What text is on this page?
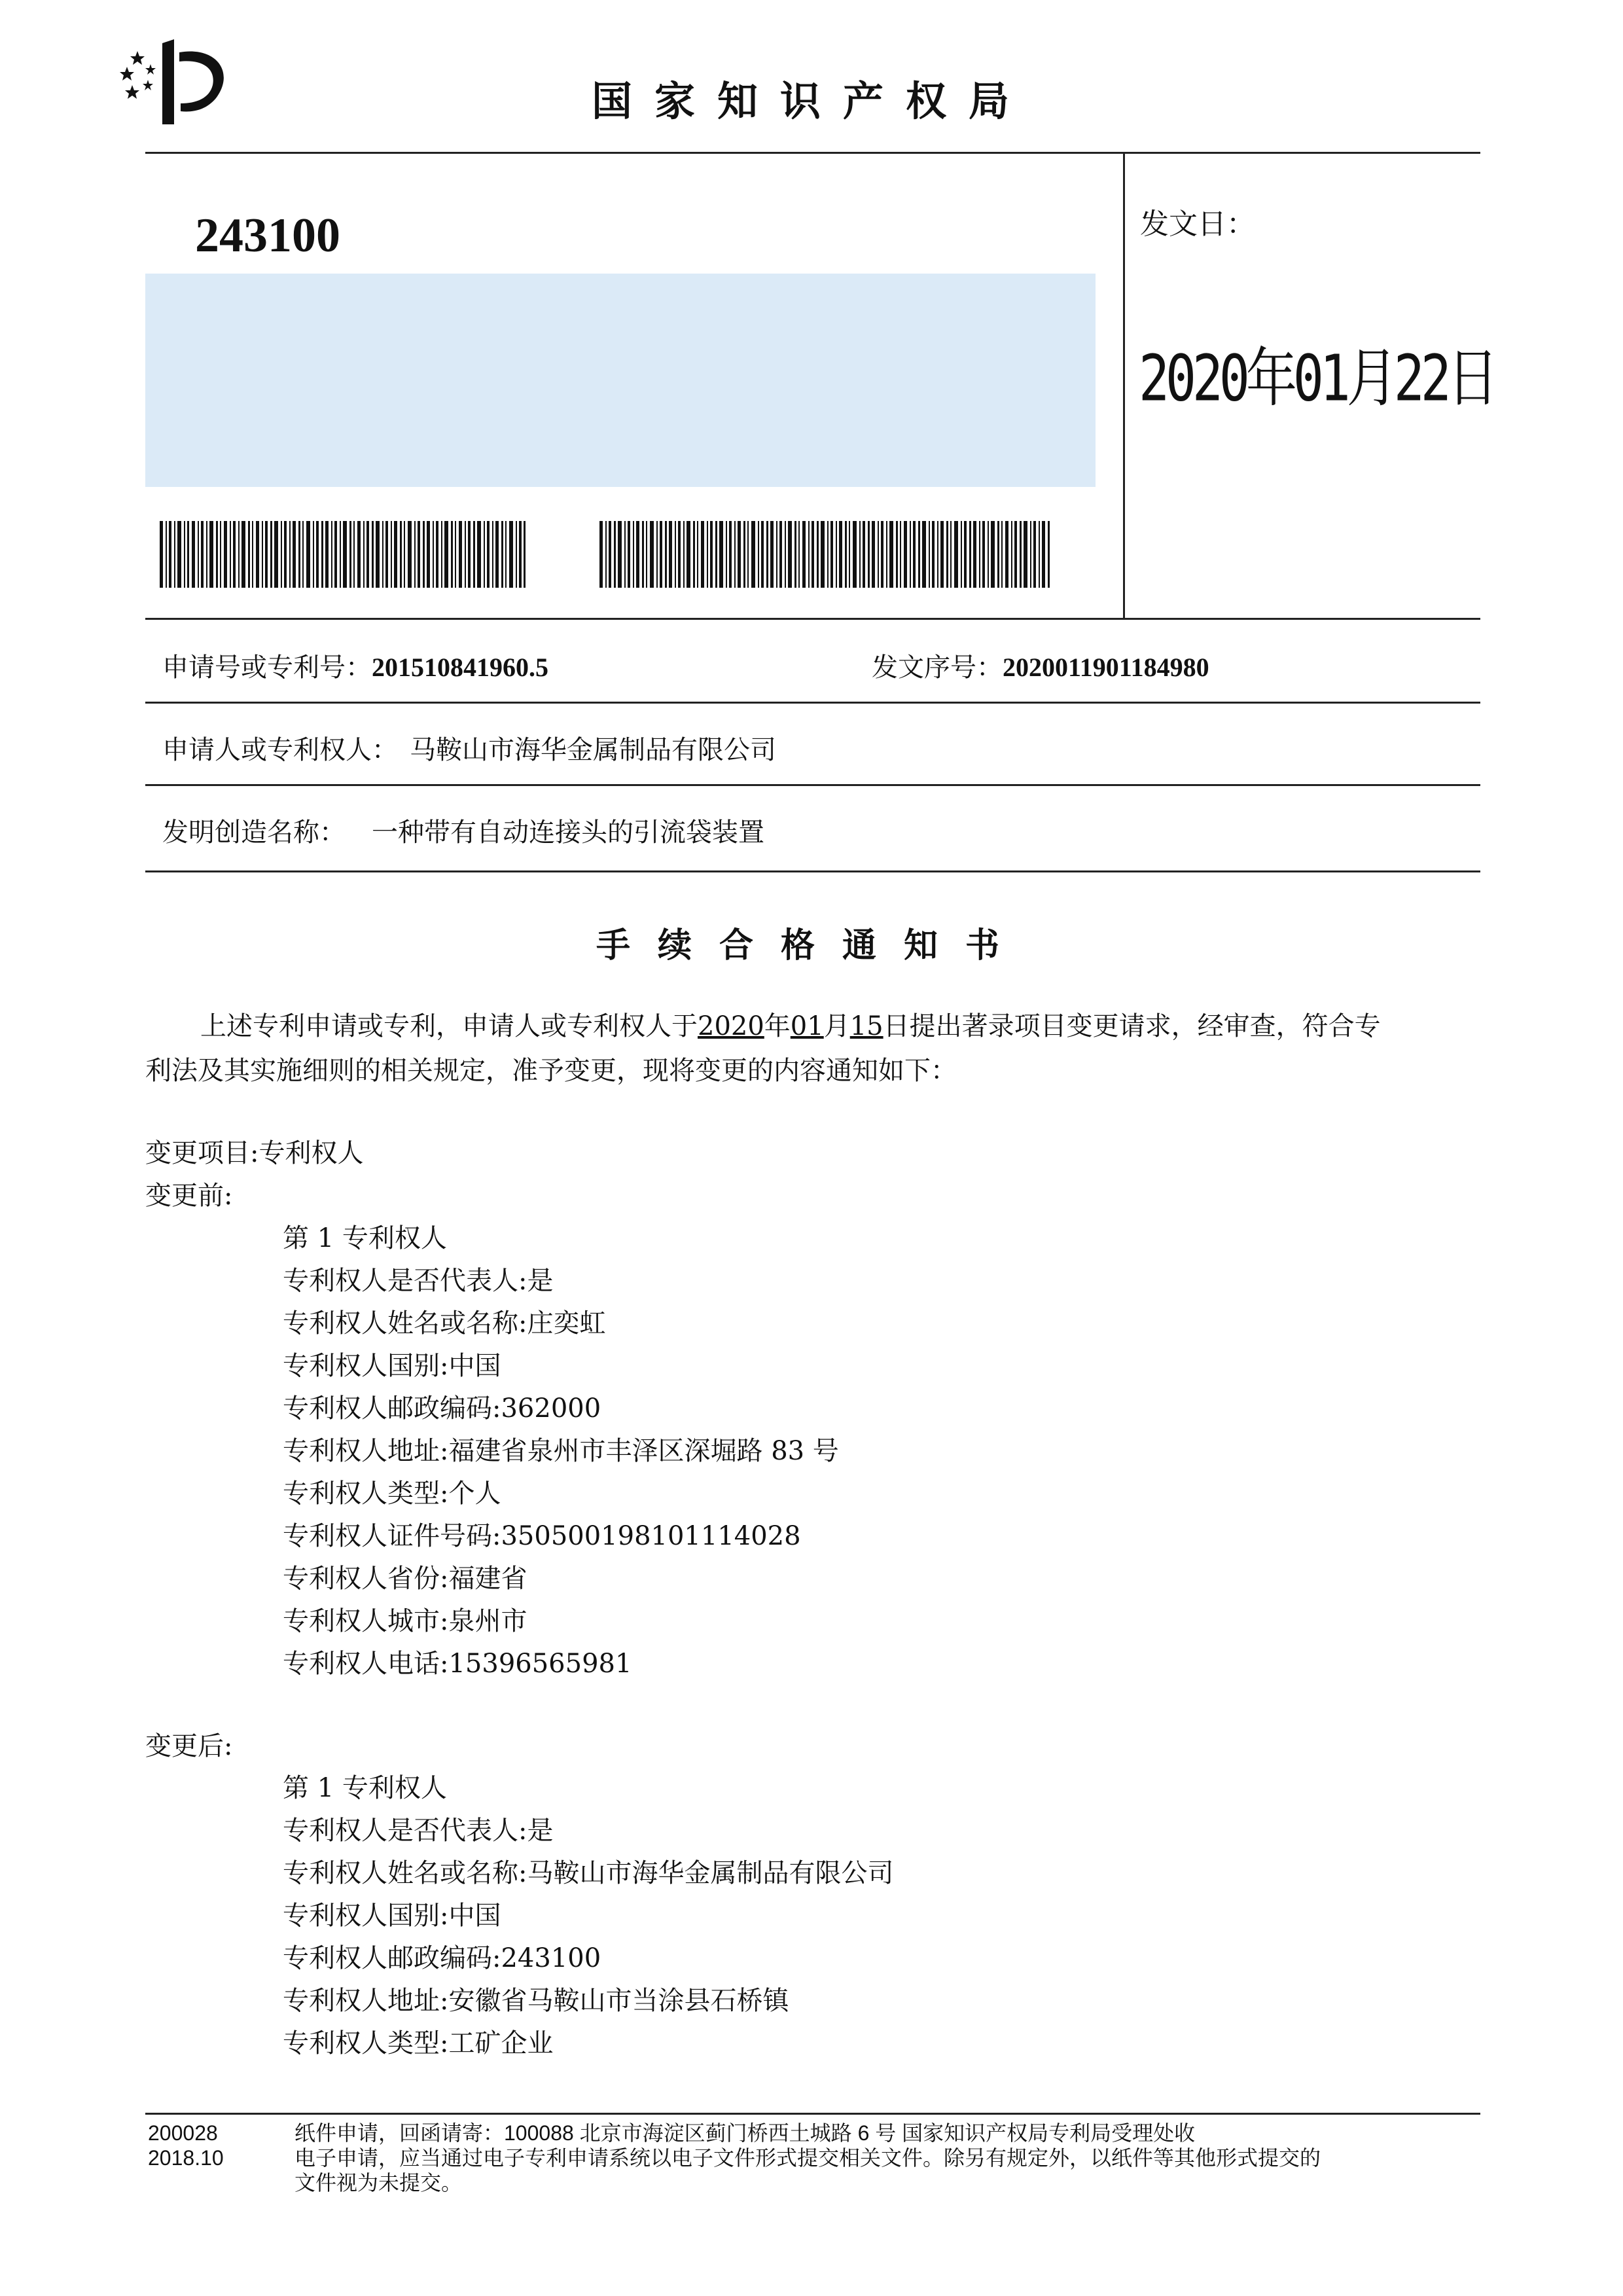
国家知识产权局
243100	发文日：
2020年01月22日
申请号或专利号：201510841960.5	发文序号：2020011901184980
申请人或专利权人： 马鞍山市海华金属制品有限公司
发明创造名称： 一种带有自动连接头的引流袋装置
手续合格通知书
上述专利申请或专利，申请人或专利权人于2020年01月15日提出著录项目变更请求，经审查，符合专
利法及其实施细则的相关规定，准予变更，现将变更的内容通知如下：
变更项目:专利权人
变更前:
第 1 专利权人
专利权人是否代表人:是
专利权人姓名或名称:庄奕虹
专利权人国别:中国
专利权人邮政编码:362000
专利权人地址:福建省泉州市丰泽区深堀路 83 号
专利权人类型:个人
专利权人证件号码:350500198101114028
专利权人省份:福建省
专利权人城市:泉州市
专利权人电话:15396565981
变更后:
第 1 专利权人
专利权人是否代表人:是
专利权人姓名或名称:马鞍山市海华金属制品有限公司
专利权人国别:中国
专利权人邮政编码:243100
专利权人地址:安徽省马鞍山市当涂县石桥镇
专利权人类型:工矿企业
200028
2018.10
纸件申请，回函请寄：100088 北京市海淀区蓟门桥西土城路 6 号 国家知识产权局专利局受理处收
电子申请，应当通过电子专利申请系统以电子文件形式提交相关文件。除另有规定外，以纸件等其他形式提交的
文件视为未提交。
